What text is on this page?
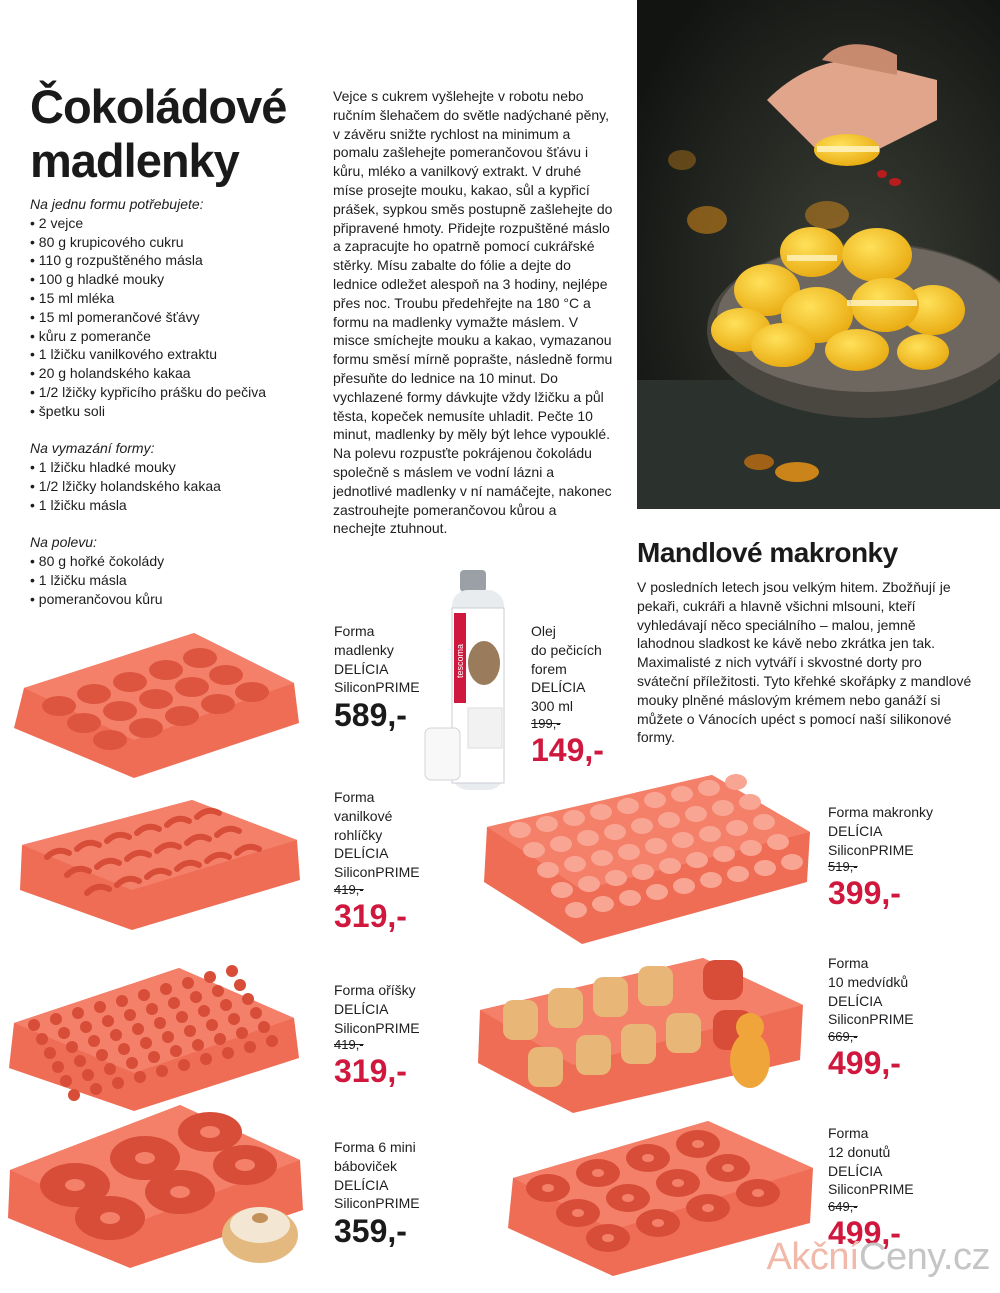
Čokoládové madlenky
Na jednu formu potřebujete:
• 2 vejce
• 80 g krupicového cukru
• 110 g rozpuštěného másla
• 100 g hladké mouky
• 15 ml mléka
• 15 ml pomerančové šťávy
• kůru z pomeranče
• 1 lžičku vanilkového extraktu
• 20 g holandského kakaa
• 1/2 lžičky kypřicího prášku do pečiva
• špetku soli
Na vymazání formy:
• 1 lžičku hladké mouky
• 1/2 lžičky holandského kakaa
• 1 lžičku másla
Na polevu:
• 80 g hořké čokolády
• 1 lžičku másla
• pomerančovou kůru
Vejce s cukrem vyšlehejte v robotu nebo ručním šlehačem do světle nadýchané pěny, v závěru snižte rychlost na minimum a pomalu zašlehejte pomerančovou šťávu i kůru, mléko a vanilkový extrakt. V druhé míse prosejte mouku, kakao, sůl a kypřicí prášek, sypkou směs postupně zašlehejte do připravené hmoty. Přidejte rozpuštěné máslo a zapracujte ho opatrně pomocí cukrářské stěrky. Mísu zabalte do fólie a dejte do lednice odležet alespoň na 3 hodiny, nejlépe přes noc. Troubu předehřejte na 180 °C a formu na madlenky vymažte máslem. V misce smíchejte mouku a kakao, vymazanou formu směsí mírně poprašte, následně formu přesuňte do lednice na 10 minut. Do vychlazené formy dávkujte vždy lžičku a půl těsta, kopeček nemusíte uhladit. Pečte 10 minut, madlenky by měly být lehce vypouklé. Na polevu rozpusťte pokrájenou čokoládu společně s máslem ve vodní lázni a jednotlivé madlenky v ní namáčejte, nakonec zastrouhejte pomerančovou kůrou a nechejte ztuhnout.
Mandlové makronky
V posledních letech jsou velkým hitem. Zbožňují je pekaři, cukráři a hlavně všichni mlsouni, kteří vyhledávají něco speciálního – malou, jemně lahodnou sladkost ke kávě nebo zkrátka jen tak. Maximalisté z nich vytváří i skvostné dorty pro sváteční příležitosti. Tyto křehké skořápky z mandlové mouky plněné máslovým krémem nebo ganáží si můžete o Vánocích upéct s pomocí naší silikonové formy.
tescoma
Forma
madlenky
DELÍCIA
SiliconPRIME
589,-
Olej
do pečicích
forem
DELÍCIA
300 ml
199,-
149,-
Forma
vanilkové
rohlíčky
DELÍCIA
SiliconPRIME
419,-
319,-
Forma oříšky
DELÍCIA
SiliconPRIME
419,-
319,-
Forma 6 mini
báboviček
DELÍCIA
SiliconPRIME
359,-
Forma makronky
DELÍCIA
SiliconPRIME
519,-
399,-
Forma
10 medvídků
DELÍCIA
SiliconPRIME
669,-
499,-
Forma
12 donutů
DELÍCIA
SiliconPRIME
649,-
499,-
AkčníCeny.cz
